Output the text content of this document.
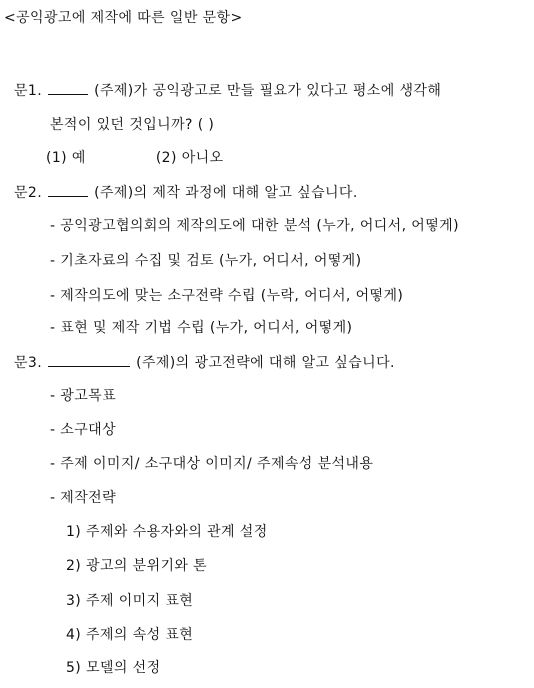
<공익광고에 제작에 따른 일반 문항>
문1.	(주제)가 공익광고로 만들 필요가 있다고 평소에 생각해
본적이 있던 것입니까? ( )
(1) 예	(2) 아니오
문2.	(주제)의 제작 과정에 대해 알고 싶습니다.
- 공익광고협의회의 제작의도에 대한 분석 (누가, 어디서, 어떻게)
- 기초자료의 수집 및 검토 (누가, 어디서, 어떻게)
- 제작의도에 맞는 소구전략 수립 (누락, 어디서, 어떻게)
- 표현 및 제작 기법 수립 (누가, 어디서, 어떻게)
문3.	(주제)의 광고전략에 대해 알고 싶습니다.
- 광고목표
- 소구대상
- 주제 이미지/ 소구대상 이미지/ 주제속성 분석내용
- 제작전략
1) 주제와 수용자와의 관계 설정
2) 광고의 분위기와 톤
3) 주제 이미지 표현
4) 주제의 속성 표현
5) 모델의 선정
